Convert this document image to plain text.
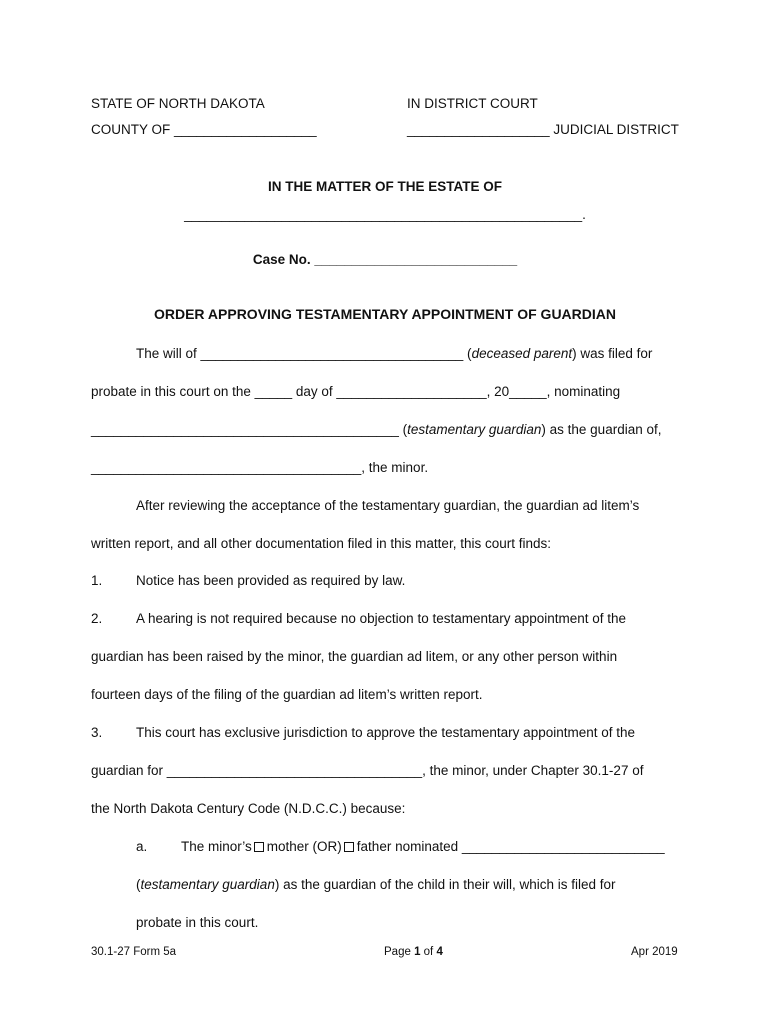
STATE OF NORTH DAKOTA	IN DISTRICT COURT
COUNTY OF ___________________	___________________ JUDICIAL DISTRICT
IN THE MATTER OF THE ESTATE OF
_____________________________________________________.
Case No. ___________________________
ORDER APPROVING TESTAMENTARY APPOINTMENT OF GUARDIAN
The will of ___________________________________ (deceased parent) was filed for
probate in this court on the _____ day of ____________________, 20_____, nominating
_________________________________________ (testamentary guardian) as the guardian of,
____________________________________, the minor.
After reviewing the acceptance of the testamentary guardian, the guardian ad litem’s
written report, and all other documentation filed in this matter, this court finds:
1. Notice has been provided as required by law.
2. A hearing is not required because no objection to testamentary appointment of the
guardian has been raised by the minor, the guardian ad litem, or any other person within
fourteen days of the filing of the guardian ad litem’s written report.
3. This court has exclusive jurisdiction to approve the testamentary appointment of the
guardian for __________________________________, the minor, under Chapter 30.1-27 of
the North Dakota Century Code (N.D.C.C.) because:
a. The minor’s mother (OR) father nominated ___________________________
(testamentary guardian) as the guardian of the child in their will, which is filed for
probate in this court.
30.1-27 Form 5a	Page 1 of 4	Apr 2019
